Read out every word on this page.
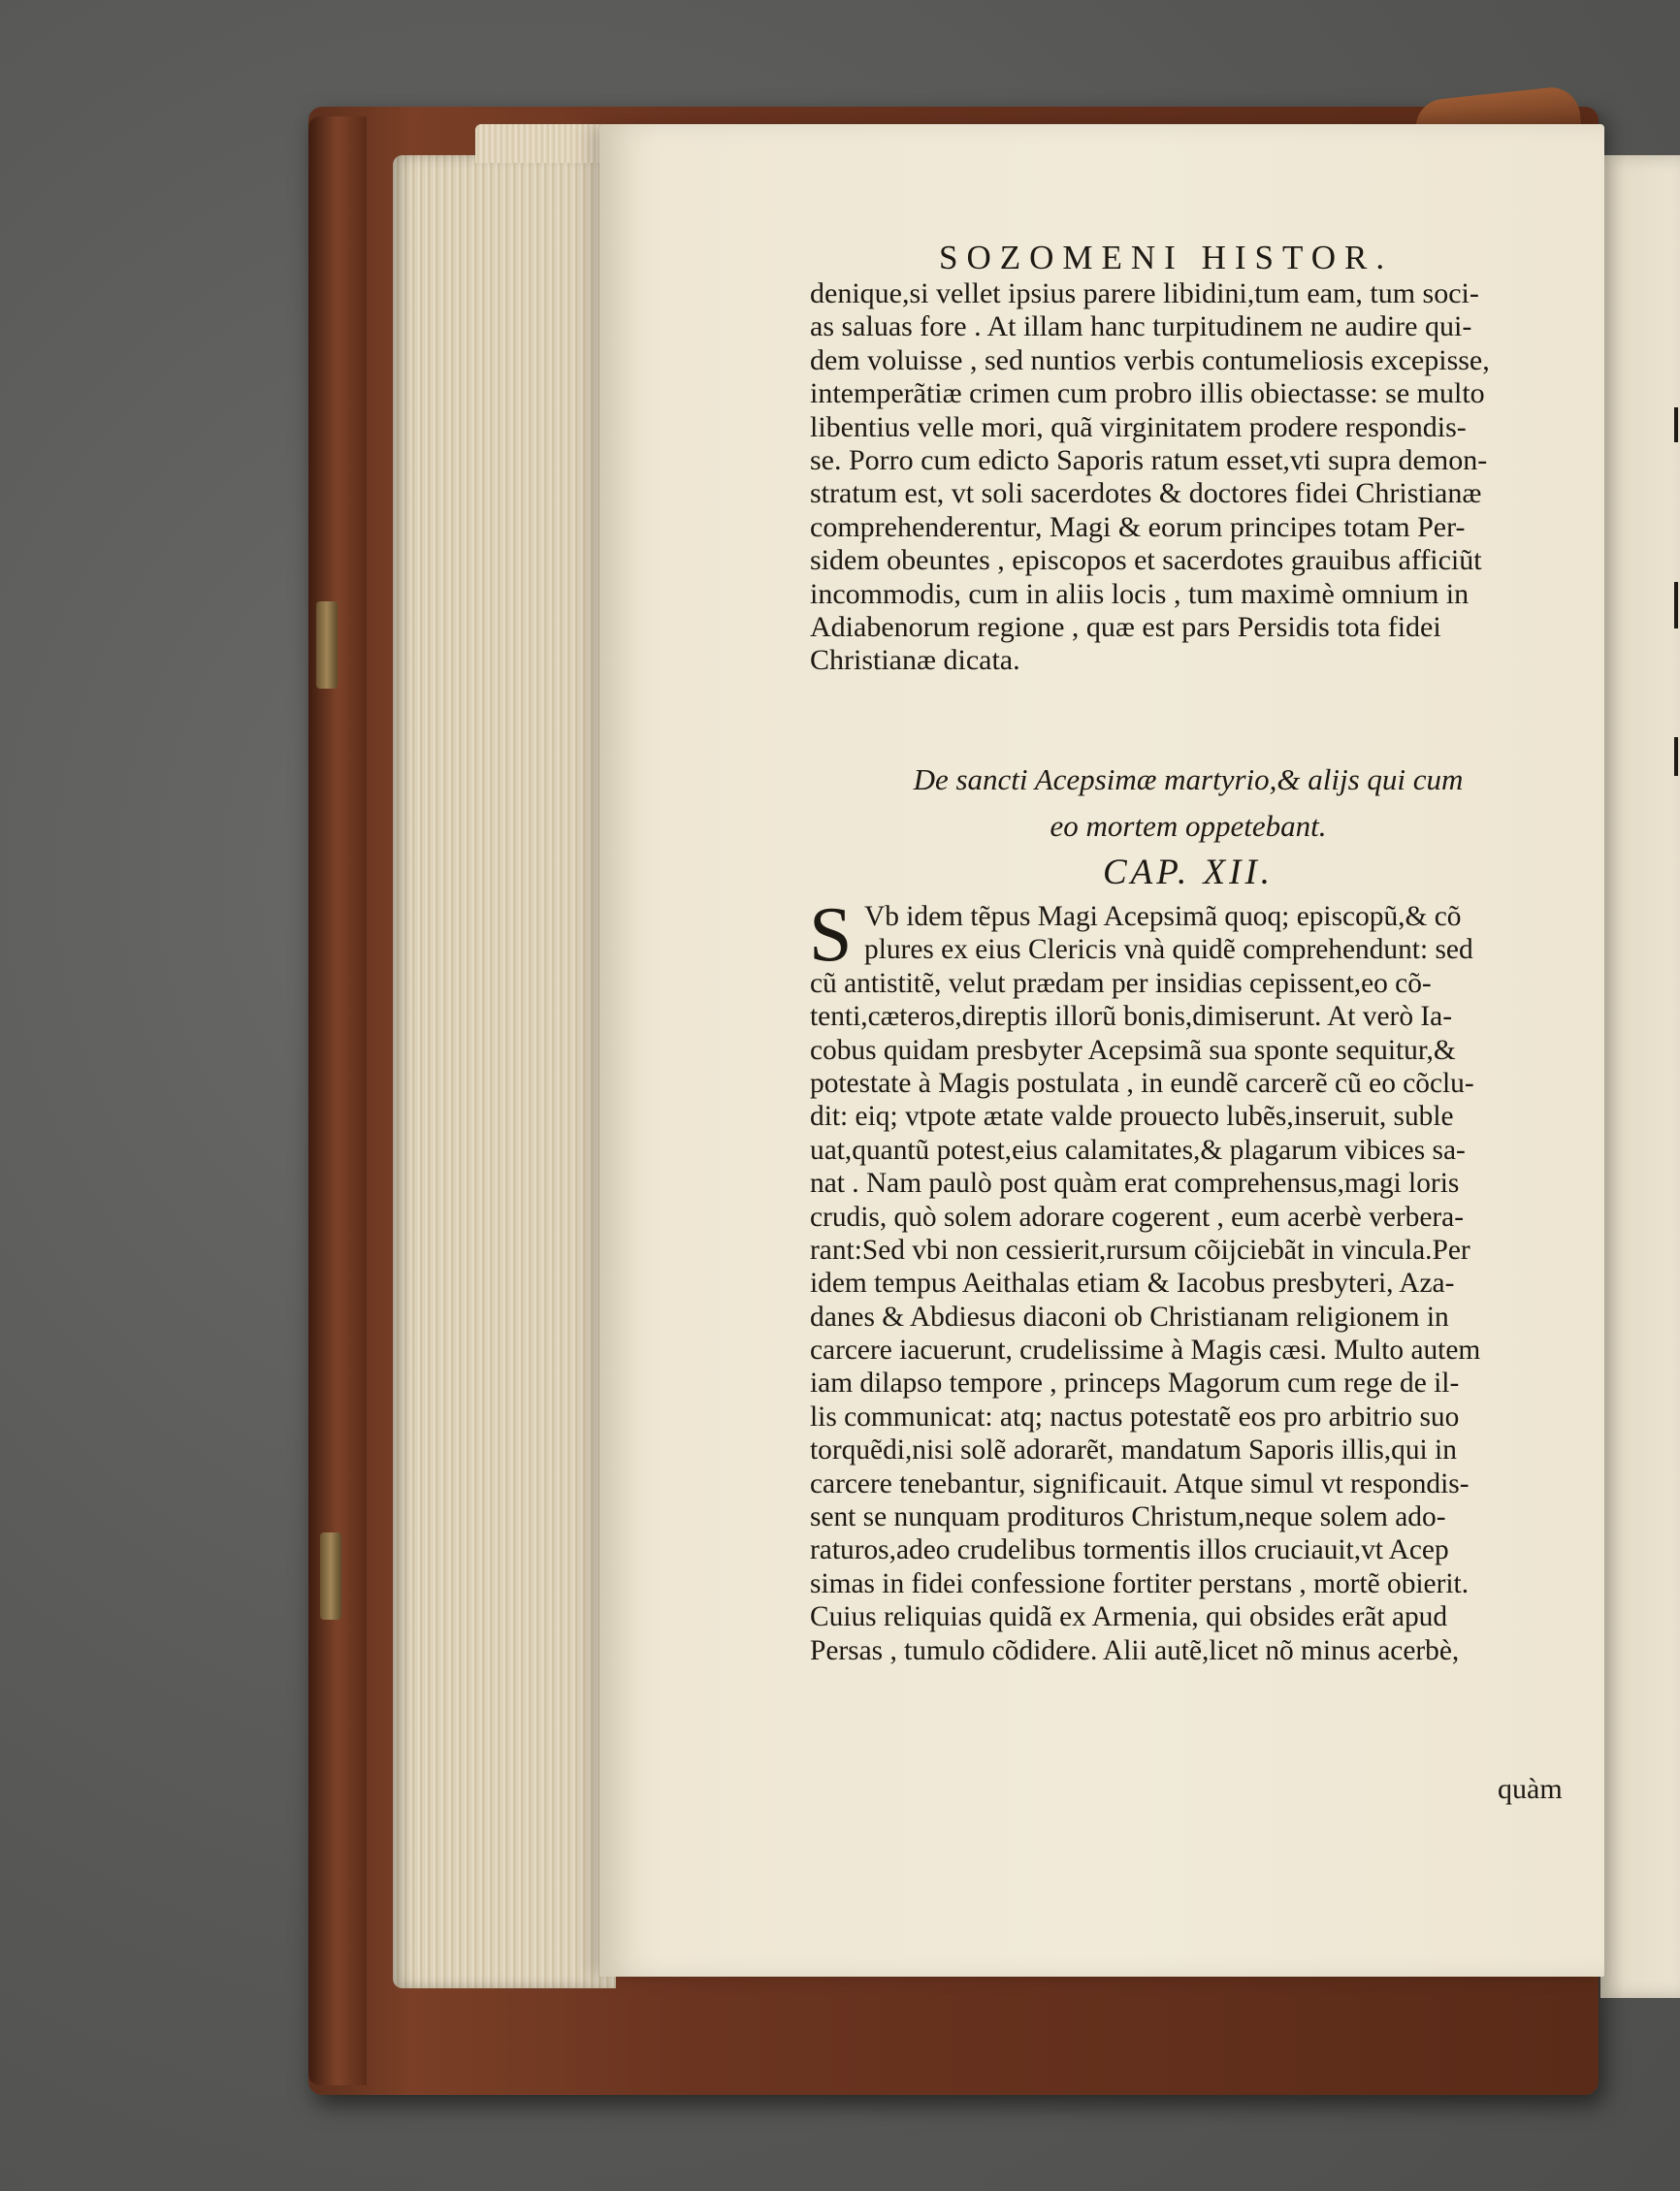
SOZOMENI HISTOR.
denique,si vellet ipsius parere libidini,tum eam, tum soci-
as saluas fore . At illam hanc turpitudinem ne audire qui-
dem voluisse , sed nuntios verbis contumeliosis excepisse,
intemperãtiæ crimen cum probro illis obiectasse: se multo
libentius velle mori, quã virginitatem prodere respondis-
se. Porro cum edicto Saporis ratum esset,vti supra demon-
stratum est, vt soli sacerdotes & doctores fidei Christianæ
comprehenderentur, Magi & eorum principes totam Per-
sidem obeuntes , episcopos et sacerdotes grauibus afficiũt
incommodis, cum in aliis locis , tum maximè omnium in
Adiabenorum regione , quæ est pars Persidis tota fidei
Christianæ dicata.
De sancti Acepsimæ martyrio,& alijs qui cum
eo mortem oppetebant.
CAP. XII.
S Vb idem tẽpus Magi Acepsimã quoq; episcopũ,& cõ
plures ex eius Clericis vnà quidẽ comprehendunt: sed
cũ antistitẽ, velut prædam per insidias cepissent,eo cõ-
tenti,cæteros,direptis illorũ bonis,dimiserunt. At verò Ia-
cobus quidam presbyter Acepsimã sua sponte sequitur,&
potestate à Magis postulata , in eundẽ carcerẽ cũ eo cõclu-
dit: eiq; vtpote ætate valde prouecto lubẽs,inseruit, suble
uat,quantũ potest,eius calamitates,& plagarum vibices sa-
nat . Nam paulò post quàm erat comprehensus,magi loris
crudis, quò solem adorare cogerent , eum acerbè verbera-
rant:Sed vbi non cessierit,rursum cõijciebãt in vincula.Per
idem tempus Aeithalas etiam & Iacobus presbyteri, Aza-
danes & Abdiesus diaconi ob Christianam religionem in
carcere iacuerunt, crudelissime à Magis cæsi. Multo autem
iam dilapso tempore , princeps Magorum cum rege de il-
lis communicat: atq; nactus potestatẽ eos pro arbitrio suo
torquẽdi,nisi solẽ adorarẽt, mandatum Saporis illis,qui in
carcere tenebantur, significauit. Atque simul vt respondis-
sent se nunquam prodituros Christum,neque solem ado-
raturos,adeo crudelibus tormentis illos cruciauit,vt Acep
simas in fidei confessione fortiter perstans , mortẽ obierit.
Cuius reliquias quidã ex Armenia, qui obsides erãt apud
Persas , tumulo cõdidere. Alii autẽ,licet nõ minus acerbè,
quàm
